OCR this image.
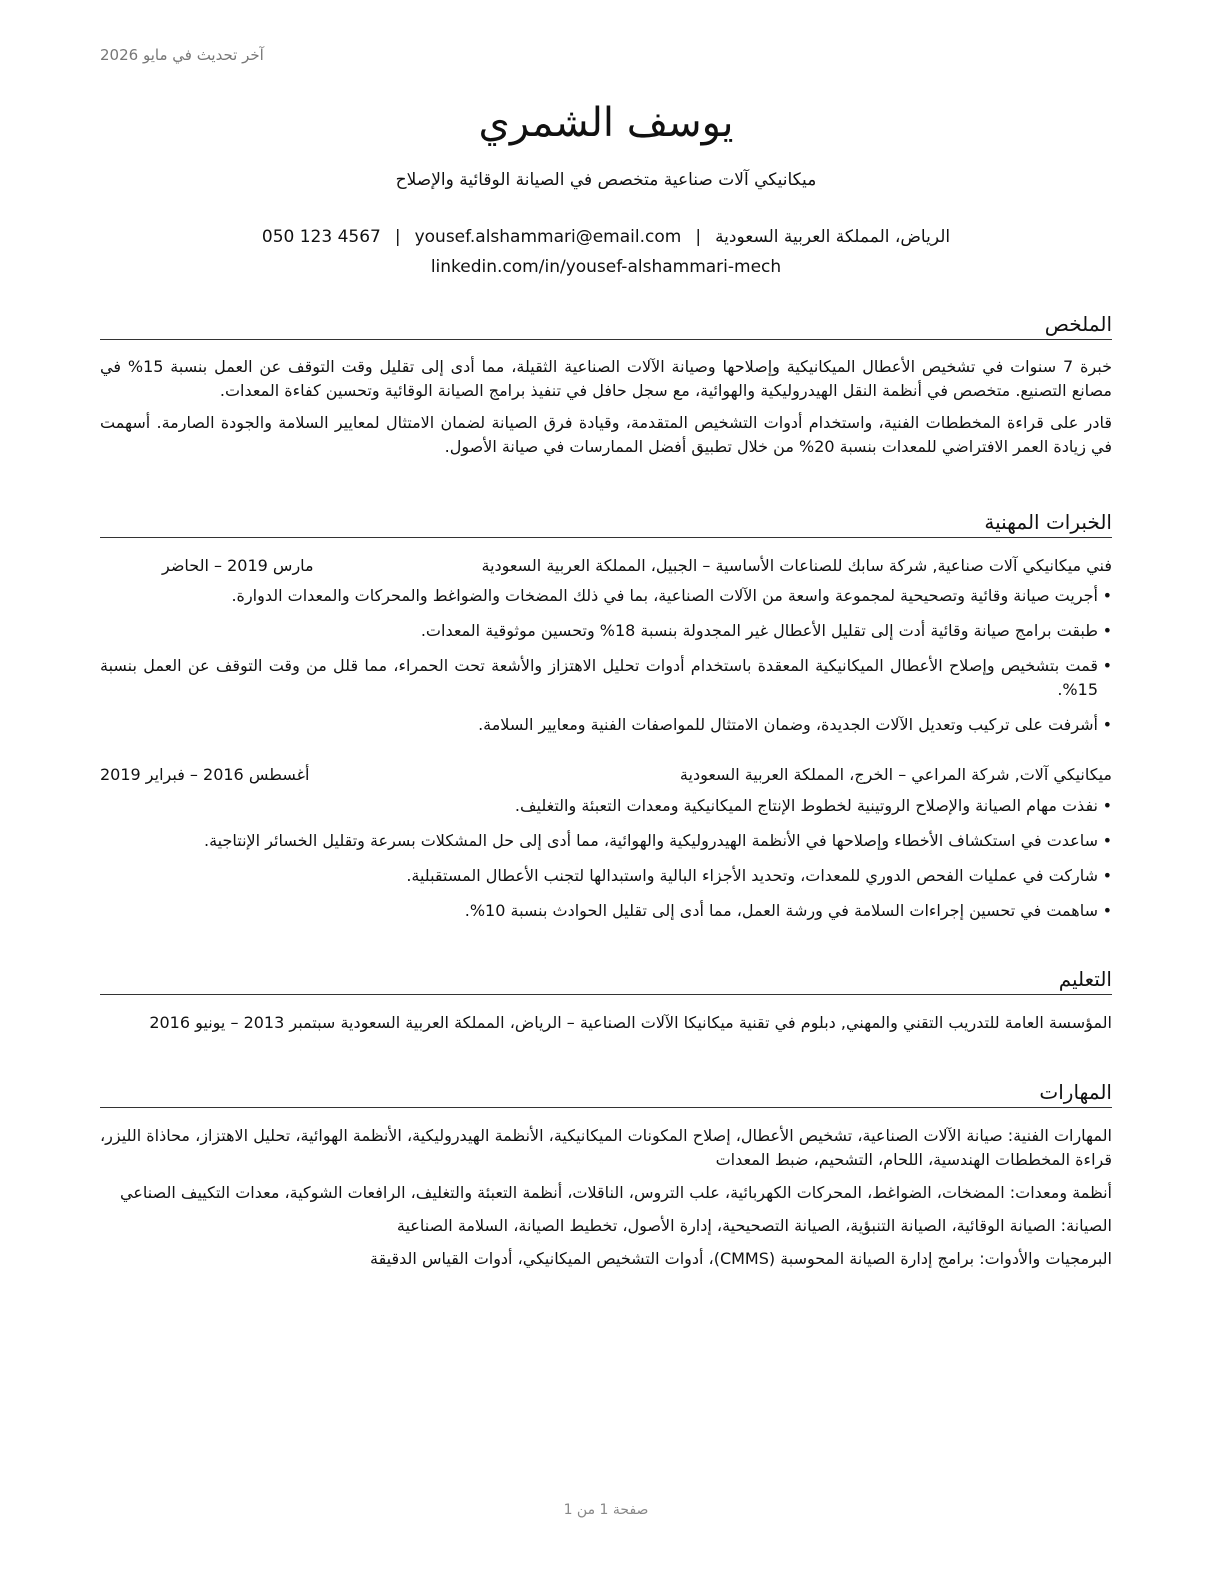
آخر تحديث في مايو 2026
يوسف الشمري
ميكانيكي آلات صناعية متخصص في الصيانة الوقائية والإصلاح
الرياض، المملكة العربية السعودية|yousef.alshammari@email.com|050 123 4567
linkedin.com/in/yousef-alshammari-mech
الملخص

خبرة 7 سنوات في تشخيص الأعطال الميكانيكية وإصلاحها وصيانة الآلات الصناعية الثقيلة، مما أدى إلى تقليل وقت التوقف عن العمل بنسبة 15% في مصانع التصنيع. متخصص في أنظمة النقل الهيدروليكية والهوائية، مع سجل حافل في تنفيذ برامج الصيانة الوقائية وتحسين كفاءة المعدات.

قادر على قراءة المخططات الفنية، واستخدام أدوات التشخيص المتقدمة، وقيادة فرق الصيانة لضمان الامتثال لمعايير السلامة والجودة الصارمة. أسهمت في زيادة العمر الافتراضي للمعدات بنسبة 20% من خلال تطبيق أفضل الممارسات في صيانة الأصول.

الخبرات المهنية
فني ميكانيكي آلات صناعية, شركة سابك للصناعات الأساسية – الجبيل، المملكة العربية السعودية
مارس 2019 – الحاضر
• أجريت صيانة وقائية وتصحيحية لمجموعة واسعة من الآلات الصناعية، بما في ذلك المضخات والضواغط والمحركات والمعدات الدوارة.
• طبقت برامج صيانة وقائية أدت إلى تقليل الأعطال غير المجدولة بنسبة 18% وتحسين موثوقية المعدات.
• قمت بتشخيص وإصلاح الأعطال الميكانيكية المعقدة باستخدام أدوات تحليل الاهتزاز والأشعة تحت الحمراء، مما قلل من وقت التوقف عن العمل بنسبة 15%.
• أشرفت على تركيب وتعديل الآلات الجديدة، وضمان الامتثال للمواصفات الفنية ومعايير السلامة.
ميكانيكي آلات, شركة المراعي – الخرج، المملكة العربية السعودية
أغسطس 2016 – فبراير 2019
• نفذت مهام الصيانة والإصلاح الروتينية لخطوط الإنتاج الميكانيكية ومعدات التعبئة والتغليف.
• ساعدت في استكشاف الأخطاء وإصلاحها في الأنظمة الهيدروليكية والهوائية، مما أدى إلى حل المشكلات بسرعة وتقليل الخسائر الإنتاجية.
• شاركت في عمليات الفحص الدوري للمعدات، وتحديد الأجزاء البالية واستبدالها لتجنب الأعطال المستقبلية.
• ساهمت في تحسين إجراءات السلامة في ورشة العمل، مما أدى إلى تقليل الحوادث بنسبة 10%.
التعليم
المؤسسة العامة للتدريب التقني والمهني, دبلوم في تقنية ميكانيكا الآلات الصناعية – الرياض، المملكة العربية السعودية سبتمبر 2013 – يونيو 2016
المهارات
المهارات الفنية: صيانة الآلات الصناعية، تشخيص الأعطال، إصلاح المكونات الميكانيكية، الأنظمة الهيدروليكية، الأنظمة الهوائية، تحليل الاهتزاز، محاذاة الليزر، قراءة المخططات الهندسية، اللحام، التشحيم، ضبط المعدات
أنظمة ومعدات: المضخات، الضواغط، المحركات الكهربائية، علب التروس، الناقلات، أنظمة التعبئة والتغليف، الرافعات الشوكية، معدات التكييف الصناعي
الصيانة: الصيانة الوقائية، الصيانة التنبؤية، الصيانة التصحيحية، إدارة الأصول، تخطيط الصيانة، السلامة الصناعية
البرمجيات والأدوات: برامج إدارة الصيانة المحوسبة (CMMS)، أدوات التشخيص الميكانيكي، أدوات القياس الدقيقة
صفحة 1 من 1
